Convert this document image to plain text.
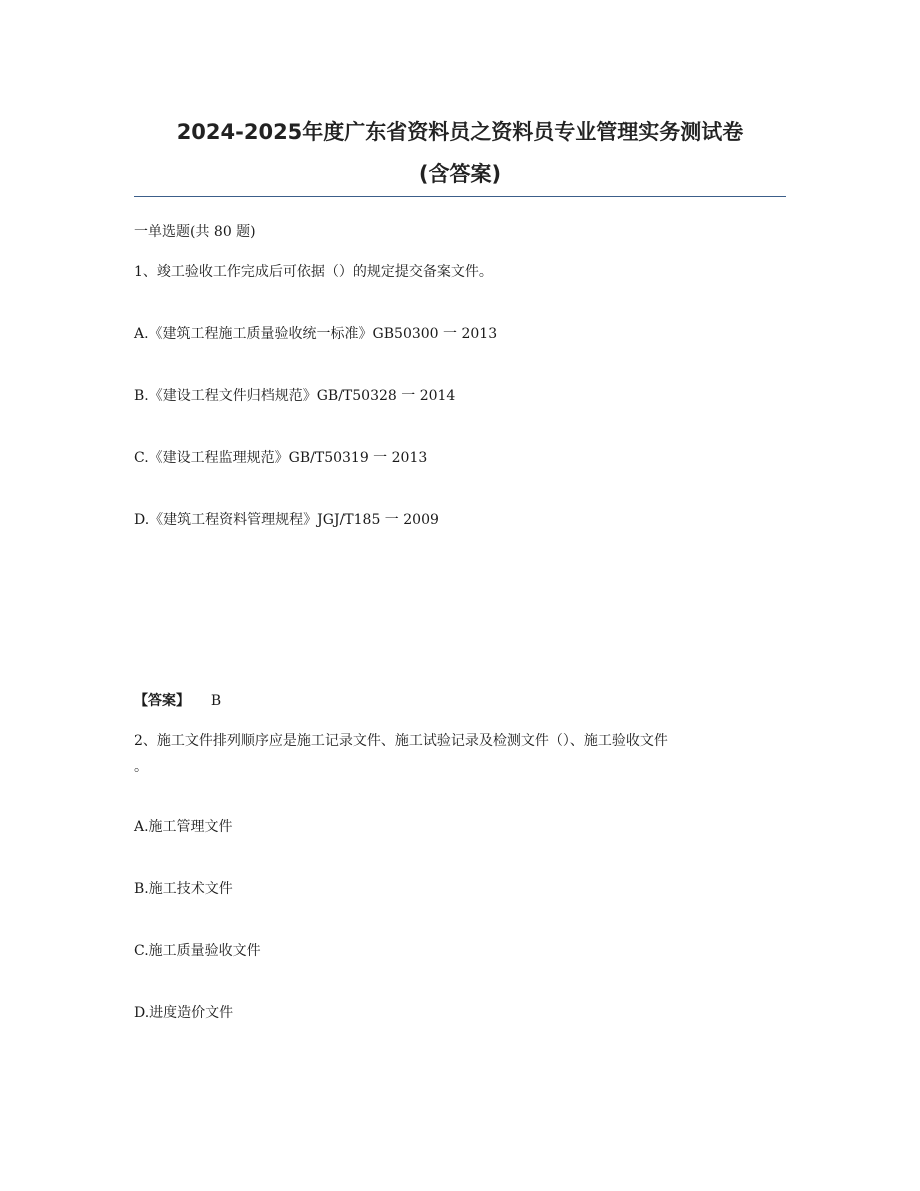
2024-2025年度广东省资料员之资料员专业管理实务测试卷
(含答案)
一单选题(共 80 题)
1、竣工验收工作完成后可依据（）的规定提交备案文件。
A.《建筑工程施工质量验收统一标准》GB50300 一 2013
B.《建设工程文件归档规范》GB/T50328 一 2014
C.《建设工程监理规范》GB/T50319 一 2013
D.《建筑工程资料管理规程》JGJ/T185 一 2009
【答案】 B
2、施工文件排列顺序应是施工记录文件、施工试验记录及检测文件（）、施工验收文件
。
A.施工管理文件
B.施工技术文件
C.施工质量验收文件
D.进度造价文件
